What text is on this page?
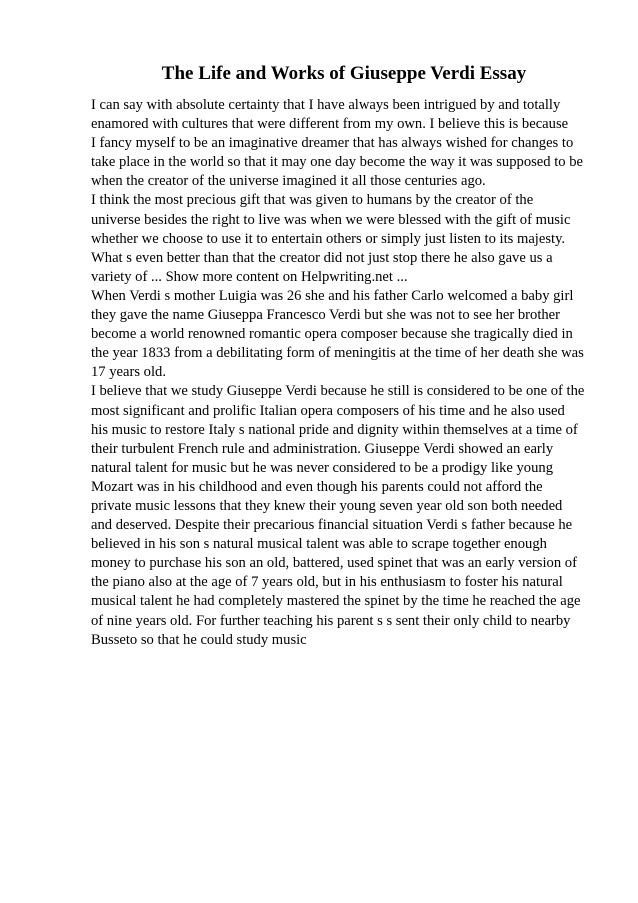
The Life and Works of Giuseppe Verdi Essay
I can say with absolute certainty that I have always been intrigued by and totally
enamored with cultures that were different from my own. I believe this is because
I fancy myself to be an imaginative dreamer that has always wished for changes to
take place in the world so that it may one day become the way it was supposed to be
when the creator of the universe imagined it all those centuries ago.
I think the most precious gift that was given to humans by the creator of the
universe besides the right to live was when we were blessed with the gift of music
whether we choose to use it to entertain others or simply just listen to its majesty.
What s even better than that the creator did not just stop there he also gave us a
variety of ... Show more content on Helpwriting.net ...
When Verdi s mother Luigia was 26 she and his father Carlo welcomed a baby girl
they gave the name Giuseppa Francesco Verdi but she was not to see her brother
become a world renowned romantic opera composer because she tragically died in
the year 1833 from a debilitating form of meningitis at the time of her death she was
17 years old.
I believe that we study Giuseppe Verdi because he still is considered to be one of the
most significant and prolific Italian opera composers of his time and he also used
his music to restore Italy s national pride and dignity within themselves at a time of
their turbulent French rule and administration. Giuseppe Verdi showed an early
natural talent for music but he was never considered to be a prodigy like young
Mozart was in his childhood and even though his parents could not afford the
private music lessons that they knew their young seven year old son both needed
and deserved. Despite their precarious financial situation Verdi s father because he
believed in his son s natural musical talent was able to scrape together enough
money to purchase his son an old, battered, used spinet that was an early version of
the piano also at the age of 7 years old, but in his enthusiasm to foster his natural
musical talent he had completely mastered the spinet by the time he reached the age
of nine years old. For further teaching his parent s s sent their only child to nearby
Busseto so that he could study music
